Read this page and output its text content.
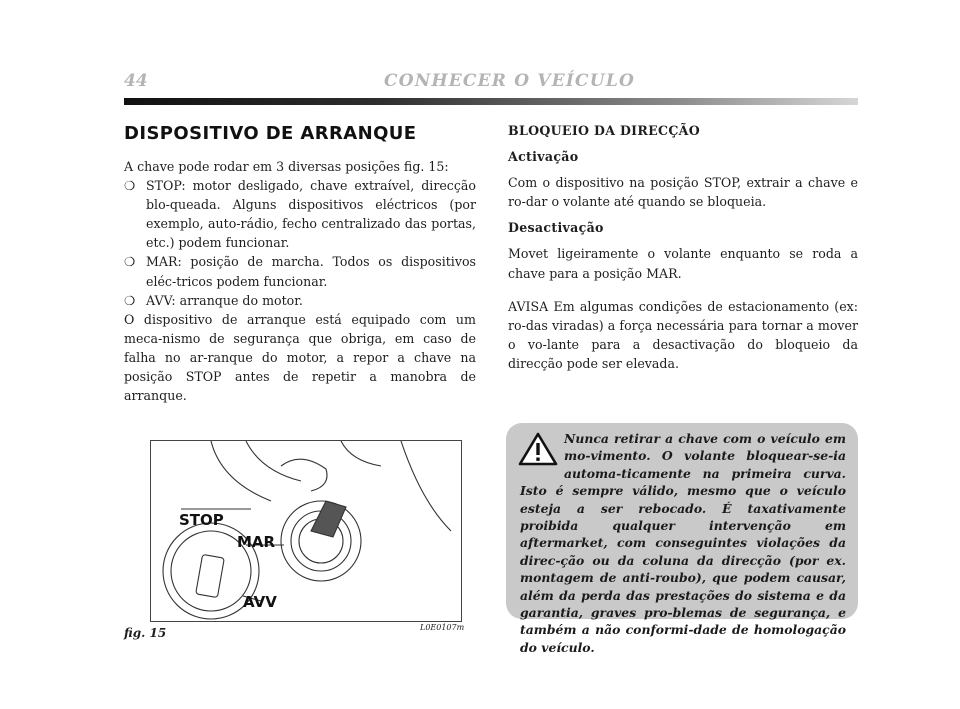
44	CONHECER O VEÍCULO
DISPOSITIVO DE ARRANQUE

A chave pode rodar em 3 diversas posições fig. 15:

❍ STOP: motor desligado, chave extraível, direcção blo-queada. Alguns dispositivos eléctricos (por exemplo, auto-rádio, fecho centralizado das portas, etc.) podem funcionar.

❍ MAR: posição de marcha. Todos os dispositivos eléc-tricos podem funcionar.

❍ AVV: arranque do motor.

O dispositivo de arranque está equipado com um meca-nismo de segurança que obriga, em caso de falha no ar-ranque do motor, a repor a chave na posição STOP antes de repetir a manobra de arranque.

BLOQUEIO DA DIRECÇÃO

Activação

Com o dispositivo na posição STOP, extrair a chave e ro-dar o volante até quando se bloqueia.

Desactivação

Movet ligeiramente o volante enquanto se roda a chave para a posição MAR.

AVISA Em algumas condições de estacionamento (ex: ro-das viradas) a força necessária para tornar a mover o vo-lante para a desactivação do bloqueio da direcção pode ser elevada.

STOP
MAR
AVV
fig. 15	L0E0107m
Nunca retirar a chave com o veículo em mo-vimento. O volante bloquear-se-ia automa-ticamente na primeira curva. Isto é sempre válido, mesmo que o veículo esteja a ser rebocado. É taxativamente proibida qualquer intervenção em aftermarket, com conseguintes violações da direc-ção ou da coluna da direcção (por ex. montagem de anti-roubo), que podem causar, além da perda das prestações do sistema e da garantia, graves pro-blemas de segurança, e também a não conformi-dade de homologação do veículo.
